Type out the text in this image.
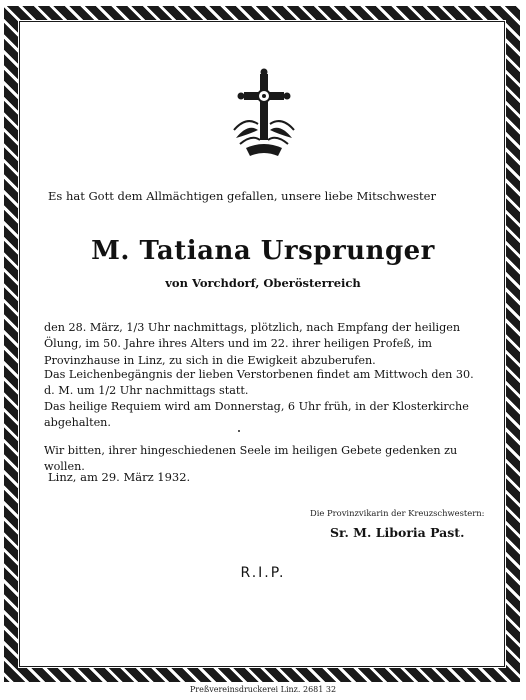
Es hat Gott dem Allmächtigen gefallen, unsere liebe Mitschwester
M. Tatiana Ursprunger
von Vorchdorf, Oberösterreich
den 28. März, 1/3 Uhr nachmittags, plötzlich, nach Empfang der heiligen Ölung, im 50. Jahre ihres Alters und im 22. ihrer heiligen Profeß, im Provinzhause in Linz, zu sich in die Ewigkeit abzuberufen.
Das Leichenbegängnis der lieben Verstorbenen findet am Mittwoch den 30. d. M. um 1/2 Uhr nachmittags statt.
Das heilige Requiem wird am Donnerstag, 6 Uhr früh, in der Klosterkirche abgehalten.
Wir bitten, ihrer hingeschiedenen Seele im heiligen Gebete gedenken zu wollen.
Linz, am 29. März 1932.
Die Provinzvikarin der Kreuzschwestern:
Sr. M. Liboria Past.
R.I.P.
Preßvereinsdruckerei Linz. 2681 32
